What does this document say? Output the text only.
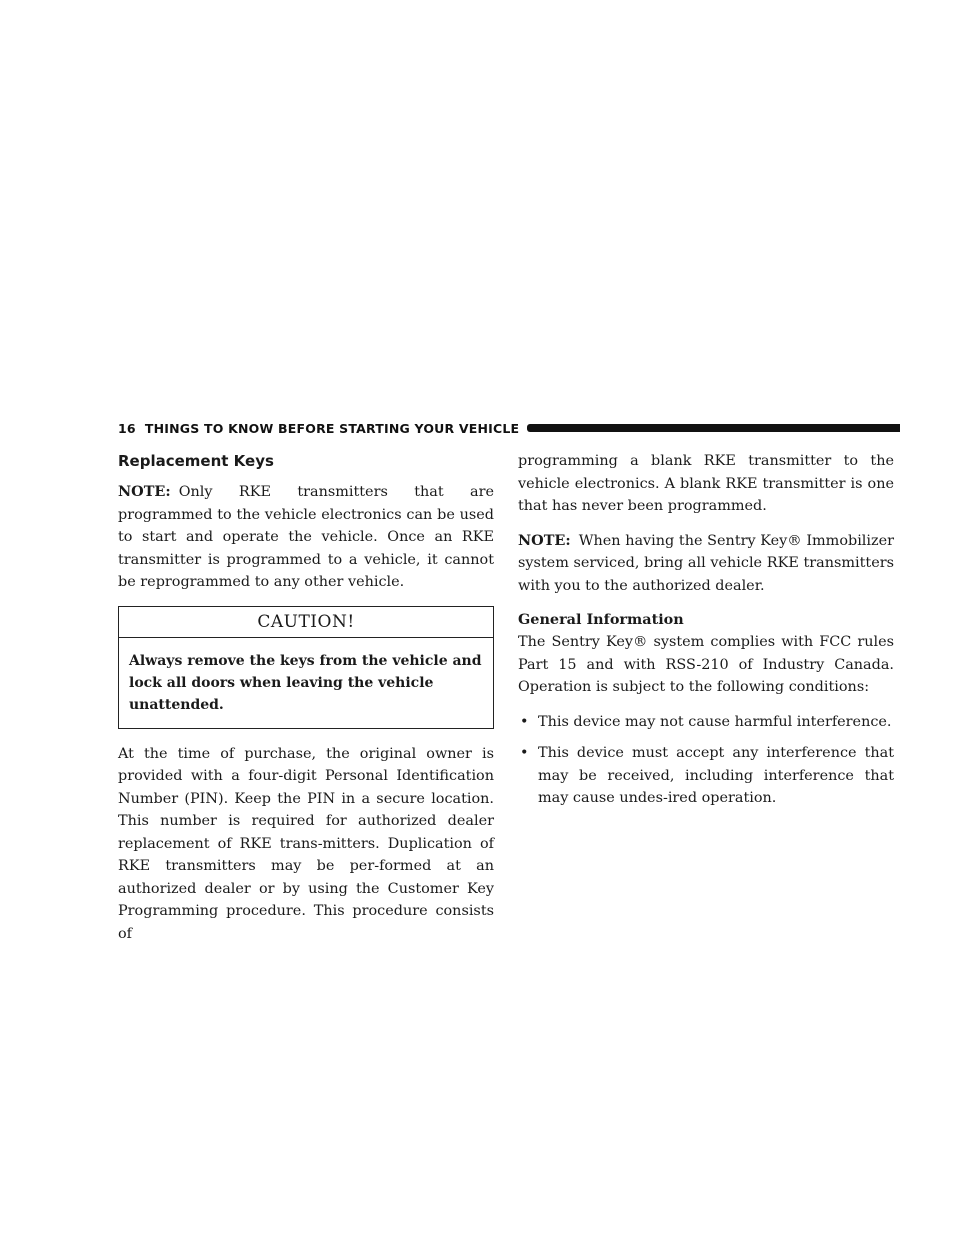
16 THINGS TO KNOW BEFORE STARTING YOUR VEHICLE
Replacement Keys

NOTE: Only RKE transmitters that are programmed to the vehicle electronics can be used to start and operate the vehicle. Once an RKE transmitter is programmed to a vehicle, it cannot be reprogrammed to any other vehicle.

CAUTION!
Always remove the keys from the vehicle and lock all doors when leaving the vehicle unattended.

At the time of purchase, the original owner is provided with a four-digit Personal Identification Number (PIN). Keep the PIN in a secure location. This number is required for authorized dealer replacement of RKE trans-mitters. Duplication of RKE transmitters may be per-formed at an authorized dealer or by using the Customer Key Programming procedure. This procedure consists of

programming a blank RKE transmitter to the vehicle electronics. A blank RKE transmitter is one that has never been programmed.

NOTE: When having the Sentry Key® Immobilizer system serviced, bring all vehicle RKE transmitters with you to the authorized dealer.

General Information

The Sentry Key® system complies with FCC rules Part 15 and with RSS-210 of Industry Canada. Operation is subject to the following conditions:

• This device may not cause harmful interference.
• This device must accept any interference that may be received, including interference that may cause undes-ired operation.
